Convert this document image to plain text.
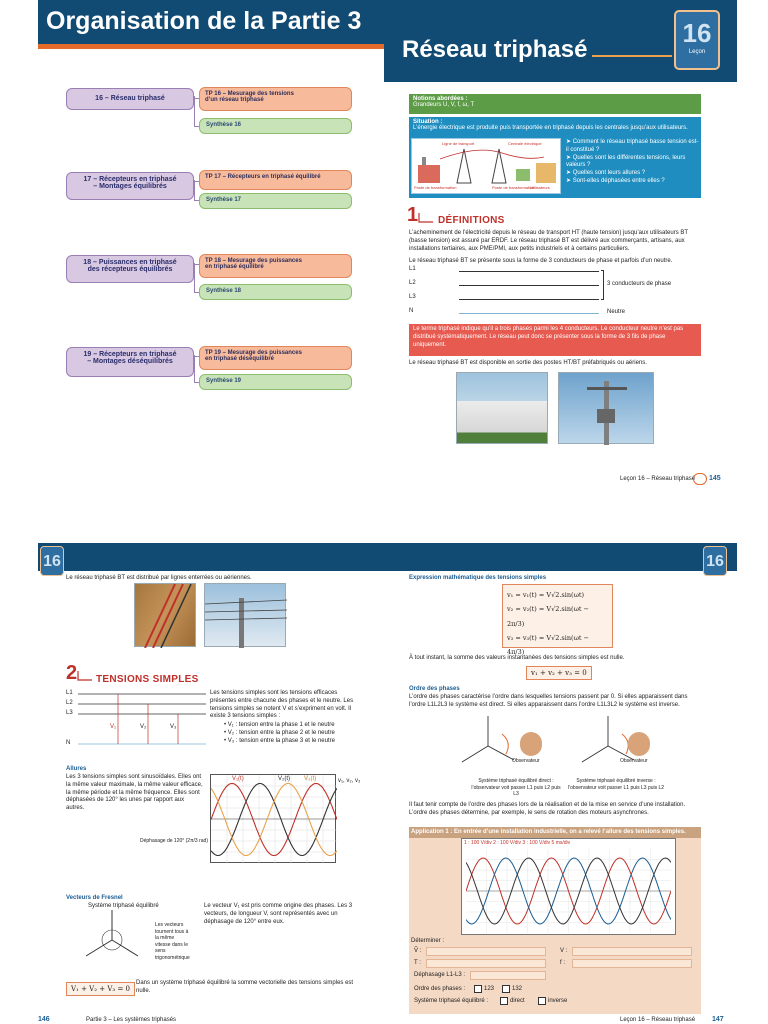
Organisation de la Partie 3
16 – Réseau triphasé
TP 16 – Mesurage des tensions
d’un réseau triphasé
Synthèse 16
17 – Récepteurs en triphasé
– Montages équilibrés
TP 17 – Récepteurs en triphasé équilibré
Synthèse 17
18 – Puissances en triphasé
des récepteurs équilibrés
TP 18 – Mesurage des puissances
en triphasé équilibré
Synthèse 18
19 – Récepteurs en triphasé
– Montages déséquilibrés
TP 19 – Mesurage des puissances
en triphasé déséquilibré
Synthèse 19
Réseau triphasé
16
Leçon
Notions abordées :
Grandeurs U, V, f, ω, T
Situation :
L’énergie électrique est produite puis transportée en triphasé depuis les centrales jusqu’aux utilisateurs.
Ligne de transport	Centrale électrique
Poste de transformation	Poste de transformation
Utilisateurs
➤ Comment le réseau triphasé basse tension est-il constitué ?
➤ Quelles sont les différentes tensions, leurs valeurs ?
➤ Quelles sont leurs allures ?
➤ Sont-elles déphasées entre elles ?
1 DÉFINITIONS
L’acheminement de l’électricité depuis le réseau de transport HT (haute tension) jusqu’aux utilisateurs BT (basse tension) est assuré par ERDF. Le réseau triphasé BT est délivré aux commerçants, artisans, aux installations tertiaires, aux PME/PMI, aux petits industriels et à certains particuliers.
Le réseau triphasé BT se présente sous la forme de 3 conducteurs de phase et parfois d’un neutre.
L1
L2
L3
N
3 conducteurs de phase
Neutre
Le terme triphasé indique qu’il a trois phases parmi les 4 conducteurs. Le conducteur neutre n’est pas distribué systématiquement. Le réseau peut donc se présenter sous la forme de 3 fils de phase uniquement.
Le réseau triphasé BT est disponible en sortie des postes HT/BT préfabriqués ou aériens.
Leçon 16 – Réseau triphasé 145
16
Le réseau triphasé BT est distribué par lignes enterrées ou aériennes.
2 TENSIONS SIMPLES
L1
L2
L3
N
V₁	V₂	V₃
Les tensions simples sont les tensions efficaces présentes entre chacune des phases et le neutre. Les tensions simples se notent V et s’expriment en volt. Il existe 3 tensions simples :
• V₁ : tension entre la phase 1 et le neutre
• V₂ : tension entre la phase 2 et le neutre
• V₃ : tension entre la phase 3 et le neutre
Allures
Les 3 tensions simples sont sinusoïdales. Elles ont la même valeur maximale, la même valeur efficace, la même période et la même fréquence. Elles sont déphasées de 120° les unes par rapport aux autres.
V₁(t)	V₂(t) V₃(t)	v₁, v₂, v₃
Déphasage de 120° (2π/3 rad)
Vecteurs de Fresnel
Système triphasé équilibré
Les vecteurs tournent tous à la même vitesse dans le sens trigonométrique
Le vecteur V₁ est pris comme origine des phases. Les 3 vecteurs, de longueur V, sont représentés avec un déphasage de 120° entre eux.
V₁ + V₂ + V₃ = 0
Dans un système triphasé équilibré la somme vectorielle des tensions simples est nulle.
146	Partie 3 – Les systèmes triphasés
16
Expression mathématique des tensions simples
v₁ = v₁(t) = V√2.sin(ωt)
v₂ = v₂(t) = V√2.sin(ωt − 2π/3)
v₃ = v₃(t) = V√2.sin(ωt − 4π/3)
À tout instant, la somme des valeurs instantanées des tensions simples est nulle.
v₁ + v₂ + v₃ = 0
Ordre des phases
L’ordre des phases caractérise l’ordre dans lesquelles tensions passent par 0. Si elles apparaissent dans l’ordre L1L2L3 le système est direct. Si elles apparaissent dans l’ordre L1L3L2 le système est inverse.
Observateur
Système triphasé équilibré direct : l’observateur voit passer L1 puis L2 puis L3
Observateur
Système triphasé équilibré inverse : l’observateur voit passer L1 puis L3 puis L2
Il faut tenir compte de l’ordre des phases lors de la réalisation et de la mise en service d’une installation. L’ordre des phases détermine, par exemple, le sens de rotation des moteurs asynchrones.
Application 1 : En entrée d’une installation industrielle, on a relevé l’allure des tensions simples.
1 : 100 V/div 2 : 100 V/div 3 : 100 V/div 5 ms/div
Déterminer :
V̂ :	V :
T :	f :
Déphasage L1-L3 :
Ordre des phases :	123	132
Système triphasé équilibré :	direct	inverse
Leçon 16 – Réseau triphasé 147
